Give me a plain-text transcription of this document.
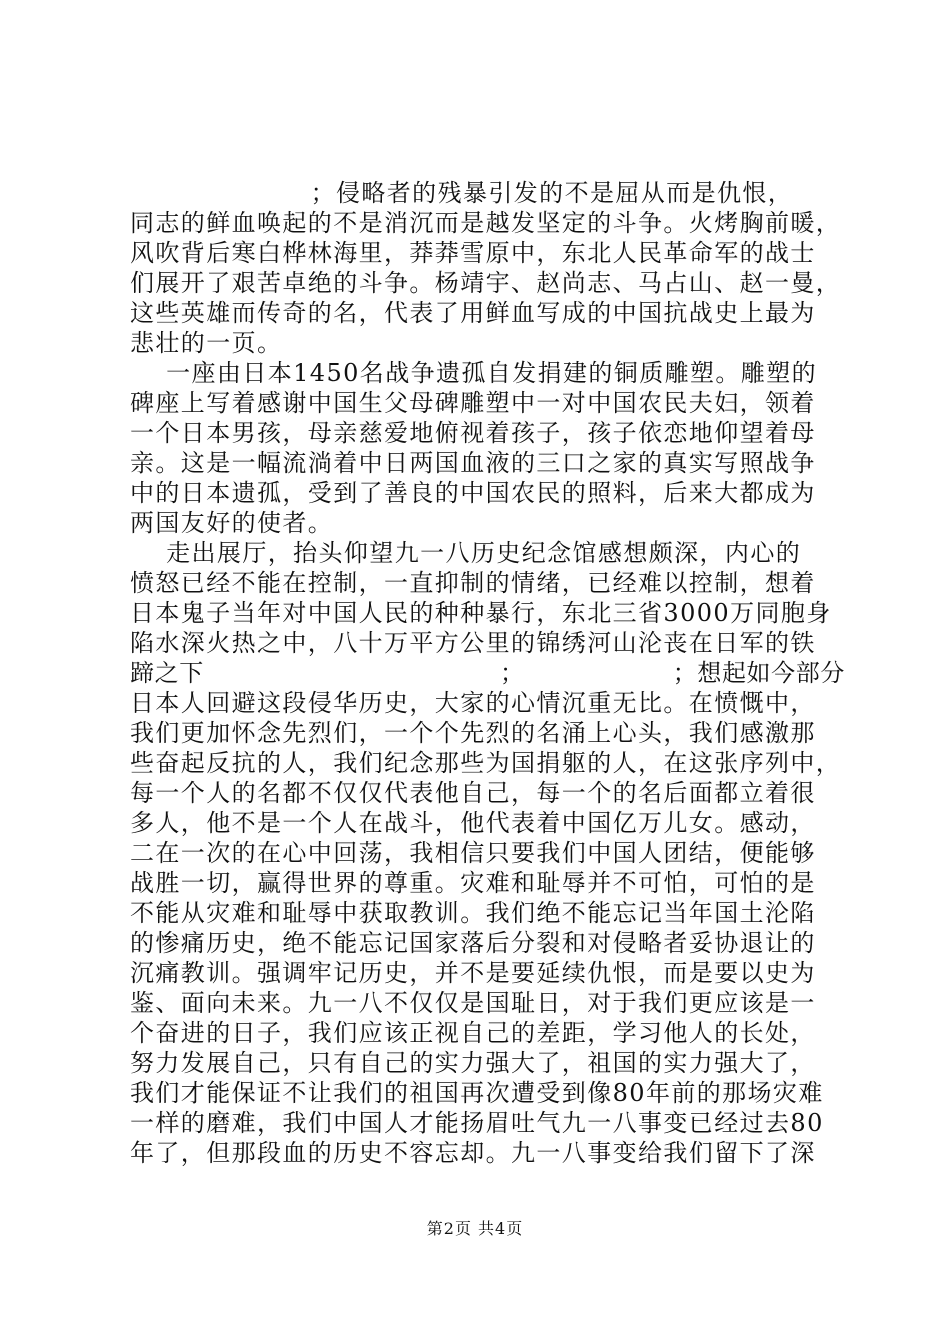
；侵略者的残暴引发的不是屈从而是仇恨，
同志的鲜血唤起的不是消沉而是越发坚定的斗争。火烤胸前暖，
风吹背后寒白桦林海里，莽莽雪原中，东北人民革命军的战士
们展开了艰苦卓绝的斗争。杨靖宇、赵尚志、马占山、赵一曼，
这些英雄而传奇的名，代表了用鲜血写成的中国抗战史上最为
悲壮的一页。
一座由日本1450名战争遗孤自发捐建的铜质雕塑。雕塑的
碑座上写着感谢中国生父母碑雕塑中一对中国农民夫妇，领着
一个日本男孩，母亲慈爱地俯视着孩子，孩子依恋地仰望着母
亲。这是一幅流淌着中日两国血液的三口之家的真实写照战争
中的日本遗孤，受到了善良的中国农民的照料，后来大都成为
两国友好的使者。
走出展厅，抬头仰望九一八历史纪念馆感想颇深，内心的
愤怒已经不能在控制，一直抑制的情绪，已经难以控制，想着
日本鬼子当年对中国人民的种种暴行，东北三省3000万同胞身
陷水深火热之中，八十万平方公里的锦绣河山沦丧在日军的铁
蹄之下                                    ；                  ；想起如今部分
日本人回避这段侵华历史，大家的心情沉重无比。在愤慨中，
我们更加怀念先烈们，一个个先烈的名涌上心头，我们感激那
些奋起反抗的人，我们纪念那些为国捐躯的人，在这张序列中，
每一个人的名都不仅仅代表他自己，每一个的名后面都立着很
多人，他不是一个人在战斗，他代表着中国亿万儿女。感动，
二在一次的在心中回荡，我相信只要我们中国人团结，便能够
战胜一切，赢得世界的尊重。灾难和耻辱并不可怕，可怕的是
不能从灾难和耻辱中获取教训。我们绝不能忘记当年国土沦陷
的惨痛历史，绝不能忘记国家落后分裂和对侵略者妥协退让的
沉痛教训。强调牢记历史，并不是要延续仇恨，而是要以史为
鉴、面向未来。九一八不仅仅是国耻日，对于我们更应该是一
个奋进的日子，我们应该正视自己的差距，学习他人的长处，
努力发展自己，只有自己的实力强大了，祖国的实力强大了，
我们才能保证不让我们的祖国再次遭受到像80年前的那场灾难
一样的磨难，我们中国人才能扬眉吐气九一八事变已经过去80
年了，但那段血的历史不容忘却。九一八事变给我们留下了深
第2页 共4页
